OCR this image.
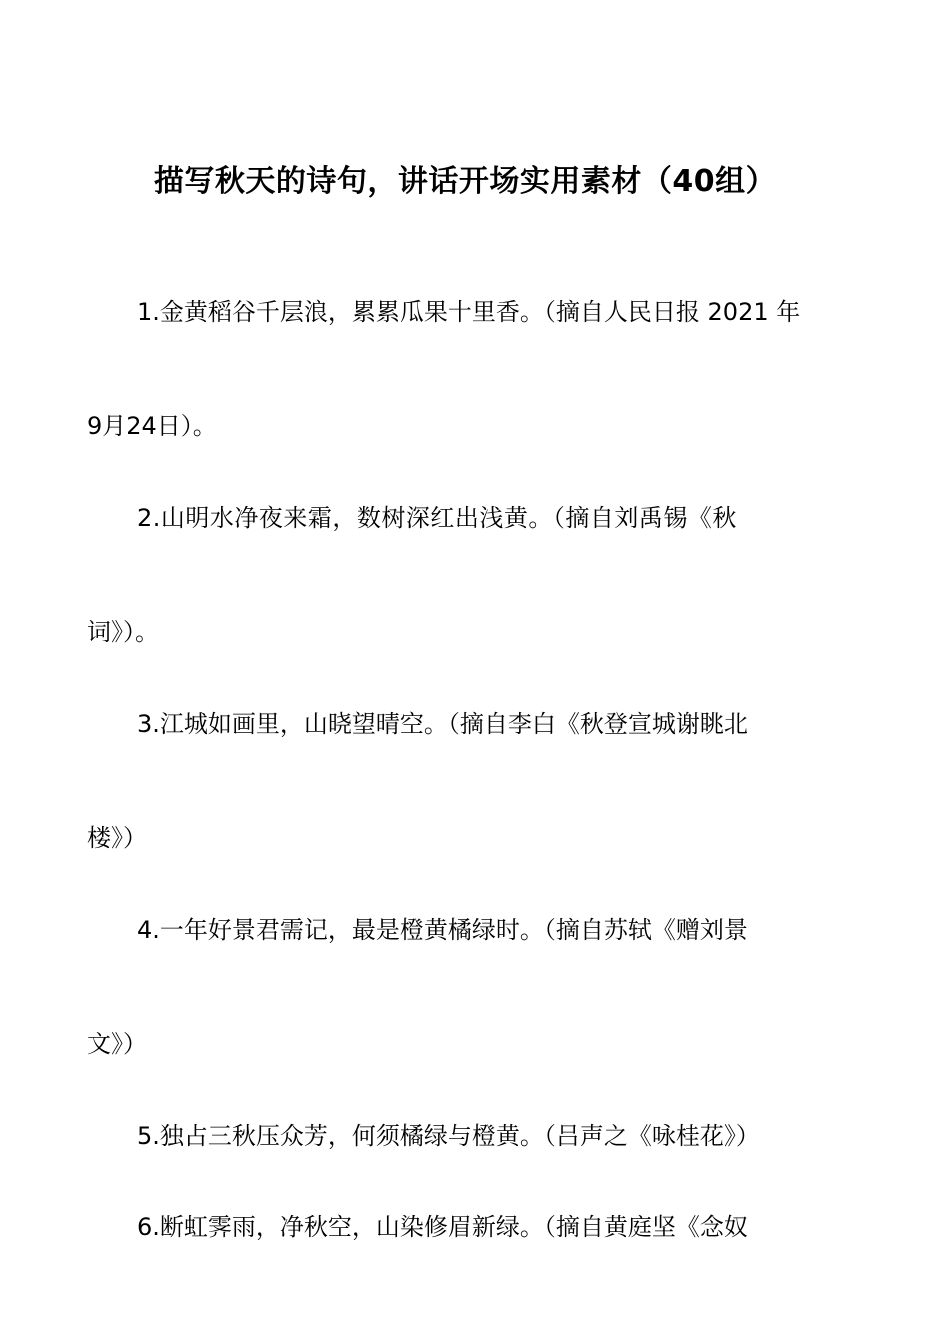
描写秋天的诗句，讲话开场实用素材（40组）
1.金黄稻谷千层浪，累累瓜果十里香。（摘自人民日报 2021 年
9月24日）。
2.山明水净夜来霜，数树深红出浅黄。（摘自刘禹锡《秋
词》）。
3.江城如画里，山晓望晴空。（摘自李白《秋登宣城谢眺北
楼》）
4.一年好景君需记，最是橙黄橘绿时。（摘自苏轼《赠刘景
文》）
5.独占三秋压众芳，何须橘绿与橙黄。（吕声之《咏桂花》）
6.断虹霁雨，净秋空，山染修眉新绿。（摘自黄庭坚《念奴
